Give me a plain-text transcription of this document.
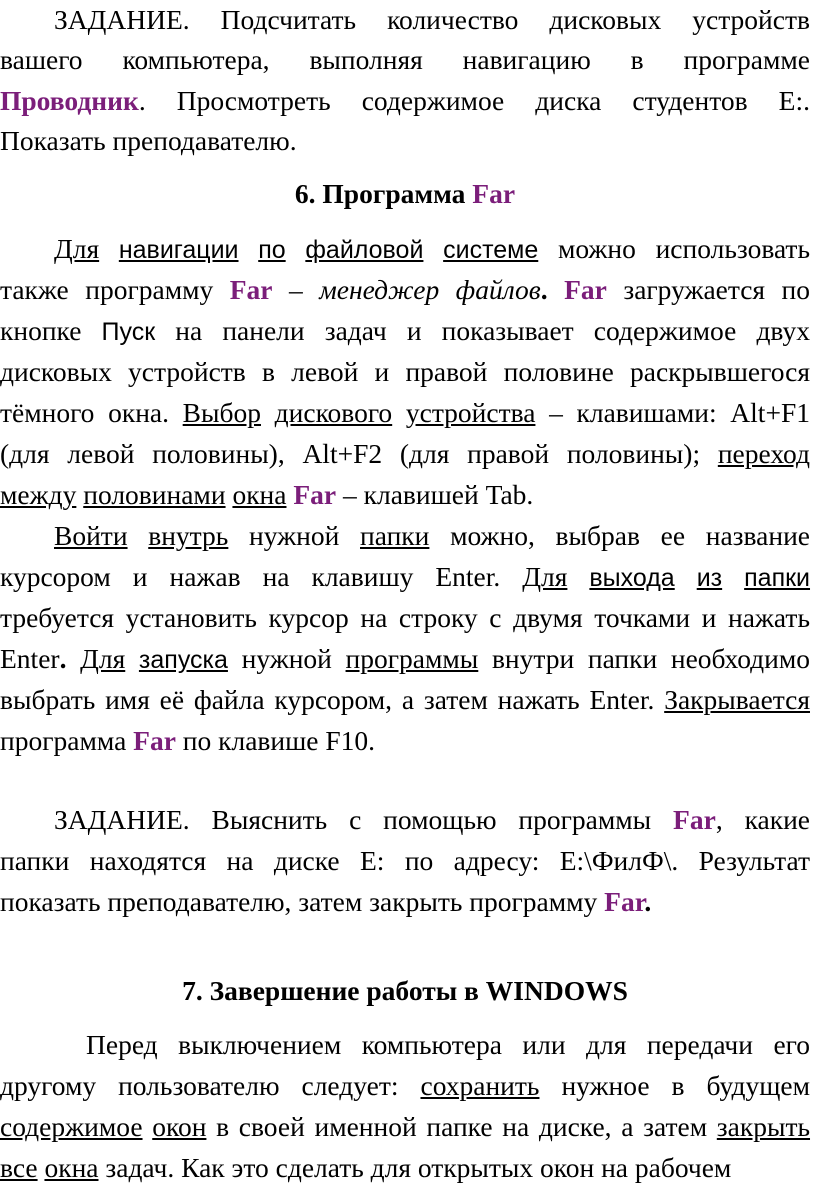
ЗАДАНИЕ. Подсчитать количество дисковых устройств
вашего компьютера, выполняя навигацию в программе
Проводник. Просмотреть содержимое диска студентов E:.
Показать преподавателю.
6. Программа Far
Для навигации по файловой системе можно использовать
также программу Far – менеджер файлов. Far загружается по
кнопке Пуск на панели задач и показывает содержимое двух
дисковых устройств в левой и правой половине раскрывшегося
тёмного окна. Выбор дискового устройства – клавишами: Alt+F1
(для левой половины), Alt+F2 (для правой половины); переход
между половинами окна Far – клавишей Tab.
Войти внутрь нужной папки можно, выбрав ее название
курсором и нажав на клавишу Enter. Для выхода из папки
требуется установить курсор на строку с двумя точками и нажать
Enter. Для запуска нужной программы внутри папки необходимо
выбрать имя её файла курсором, а затем нажать Enter. Закрывается
программа Far по клавише F10.
ЗАДАНИЕ. Выяснить с помощью программы Far, какие
папки находятся на диске E: по адресу: E:\ФилФ\. Результат
показать преподавателю, затем закрыть программу Far.
7. Завершение работы в WINDOWS
Перед выключением компьютера или для передачи его
другому пользователю следует: сохранить нужное в будущем
содержимое окон в своей именной папке на диске, а затем закрыть
все окна задач. Как это сделать для открытых окон на рабочем
